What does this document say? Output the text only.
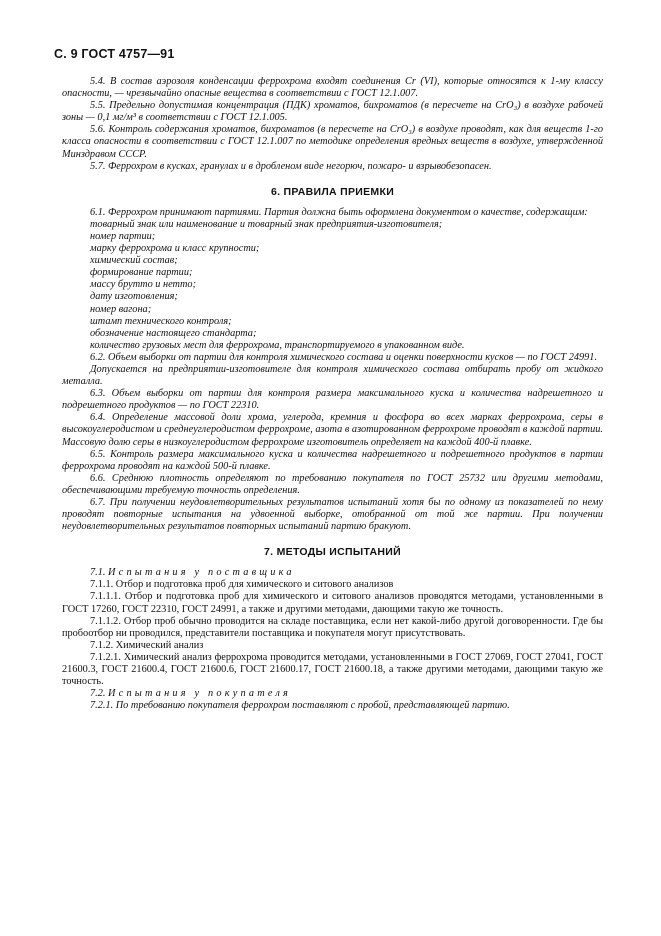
С. 9 ГОСТ 4757—91

5.4. В состав аэрозоля конденсации феррохрома входят соединения Cr (VI), которые относятся к 1-му классу опасности, — чрезвычайно опасные вещества в соответствии с ГОСТ 12.1.007.

5.5. Предельно допустимая концентрация (ПДК) хроматов, бихроматов (в пересчете на CrO₃) в воздухе рабочей зоны — 0,1 мг/м³ в соответствии с ГОСТ 12.1.005.

5.6. Контроль содержания хроматов, бихроматов (в пересчете на CrO₃) в воздухе проводят, как для веществ 1-го класса опасности в соответствии с ГОСТ 12.1.007 по методике определения вредных веществ в воздухе, утвержденной Минздравом СССР.

5.7. Феррохром в кусках, гранулах и в дробленом виде негорюч, пожаро- и взрывобезопасен.

6. ПРАВИЛА ПРИЕМКИ

6.1. Феррохром принимают партиями. Партия должна быть оформлена документом о качестве, содержащим:

товарный знак или наименование и товарный знак предприятия-изготовителя;

номер партии;

марку феррохрома и класс крупности;

химический состав;

формирование партии;

массу брутто и нетто;

дату изготовления;

номер вагона;

штамп технического контроля;

обозначение настоящего стандарта;

количество грузовых мест для феррохрома, транспортируемого в упакованном виде.

6.2. Объем выборки от партии для контроля химического состава и оценки поверхности кусков — по ГОСТ 24991.

Допускается на предприятии-изготовителе для контроля химического состава отбирать пробу от жидкого металла.

6.3. Объем выборки от партии для контроля размера максимального куска и количества надрешетного и подрешетного продуктов — по ГОСТ 22310.

6.4. Определение массовой доли хрома, углерода, кремния и фосфора во всех марках феррохрома, серы в высокоуглеродистом и среднеуглеродистом феррохроме, азота в азотированном феррохроме проводят в каждой партии. Массовую долю серы в низкоуглеродистом феррохроме изготовитель определяет на каждой 400-й плавке.

6.5. Контроль размера максимального куска и количества надрешетного и подрешетного продуктов в партии феррохрома проводят на каждой 500-й плавке.

6.6. Среднюю плотность определяют по требованию покупателя по ГОСТ 25732 или другими методами, обеспечивающими требуемую точность определения.

6.7. При получении неудовлетворительных результатов испытаний хотя бы по одному из показателей по нему проводят повторные испытания на удвоенной выборке, отобранной от той же партии. При получении неудовлетворительных результатов повторных испытаний партию бракуют.

7. МЕТОДЫ ИСПЫТАНИЙ

7.1. Испытания у поставщика

7.1.1. Отбор и подготовка проб для химического и ситового анализов

7.1.1.1. Отбор и подготовка проб для химического и ситового анализов проводятся методами, установленными в ГОСТ 17260, ГОСТ 22310, ГОСТ 24991, а также и другими методами, дающими такую же точность.

7.1.1.2. Отбор проб обычно проводится на складе поставщика, если нет какой-либо другой договоренности. Где бы пробоотбор ни проводился, представители поставщика и покупателя могут присутствовать.

7.1.2. Химический анализ

7.1.2.1. Химический анализ феррохрома проводится методами, установленными в ГОСТ 27069, ГОСТ 27041, ГОСТ 21600.3, ГОСТ 21600.4, ГОСТ 21600.6, ГОСТ 21600.17, ГОСТ 21600.18, а также другими методами, дающими такую же точность.

7.2. Испытания у покупателя

7.2.1. По требованию покупателя феррохром поставляют с пробой, представляющей партию.
